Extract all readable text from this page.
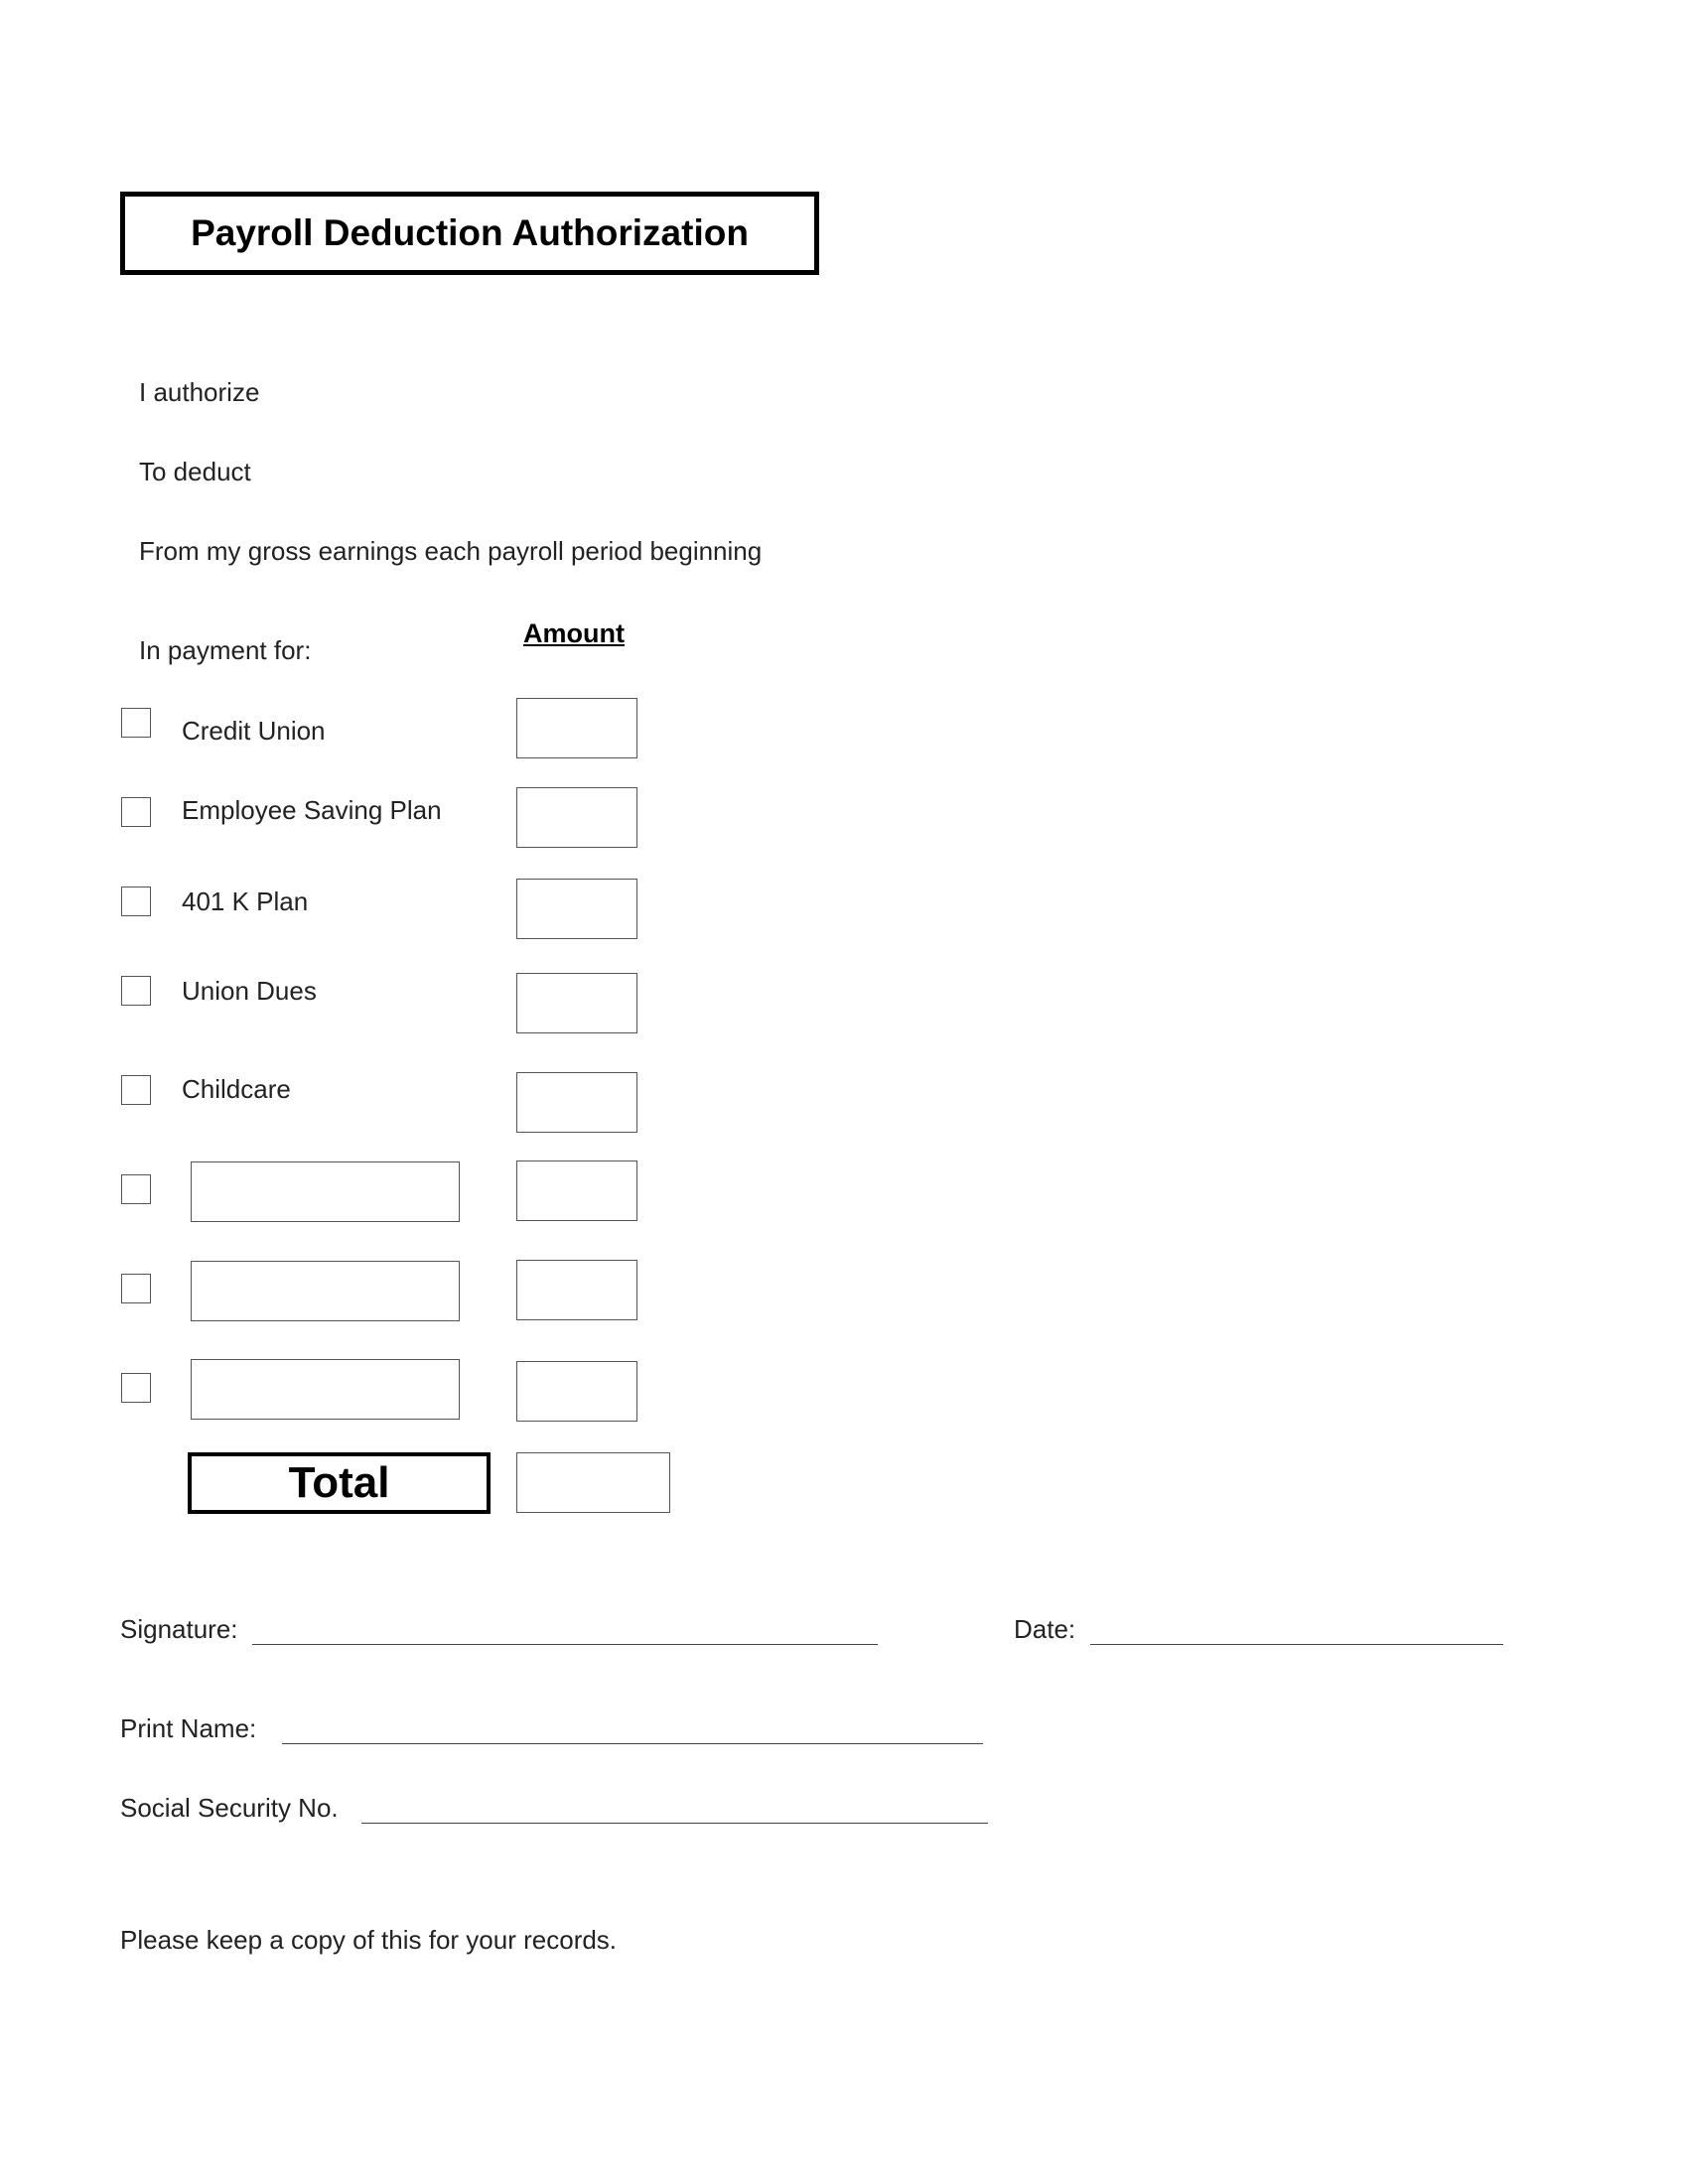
Payroll Deduction Authorization
I authorize
To deduct
From my gross earnings each payroll period beginning
In payment for:
Amount
Credit Union
Employee Saving Plan
401 K Plan
Union Dues
Childcare
Total
Signature:	Date:
Print Name:
Social Security No.
Please keep a copy of this for your records.
